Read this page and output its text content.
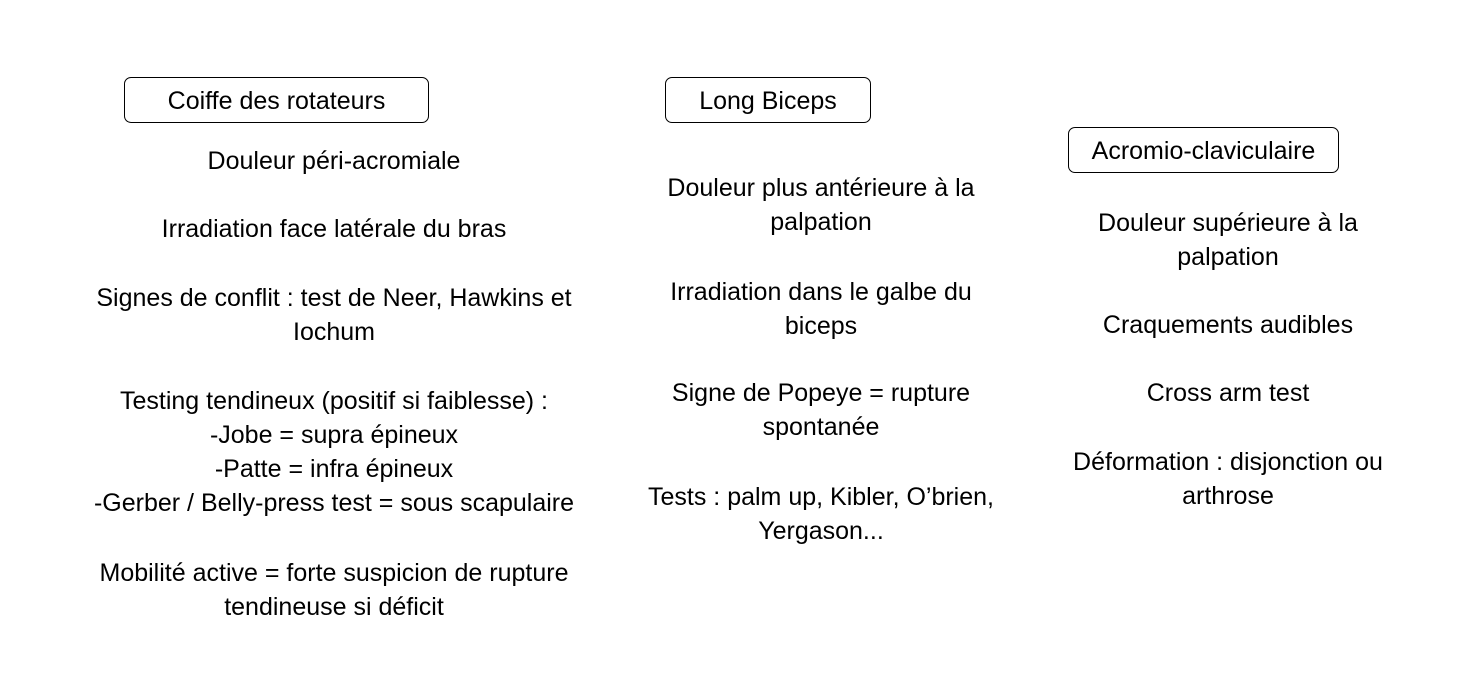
Coiffe des rotateurs
Douleur péri-acromiale
Irradiation face latérale du bras
Signes de conflit : test de Neer, Hawkins et
Iochum
Testing tendineux (positif si faiblesse) :
-Jobe = supra épineux
-Patte = infra épineux
-Gerber / Belly-press test = sous scapulaire
Mobilité active = forte suspicion de rupture
tendineuse si déficit
Long Biceps
Douleur plus antérieure à la
palpation
Irradiation dans le galbe du
biceps
Signe de Popeye = rupture
spontanée
Tests : palm up, Kibler, O’brien,
Yergason...
Acromio-claviculaire
Douleur supérieure à la
palpation
Craquements audibles
Cross arm test
Déformation : disjonction ou
arthrose
